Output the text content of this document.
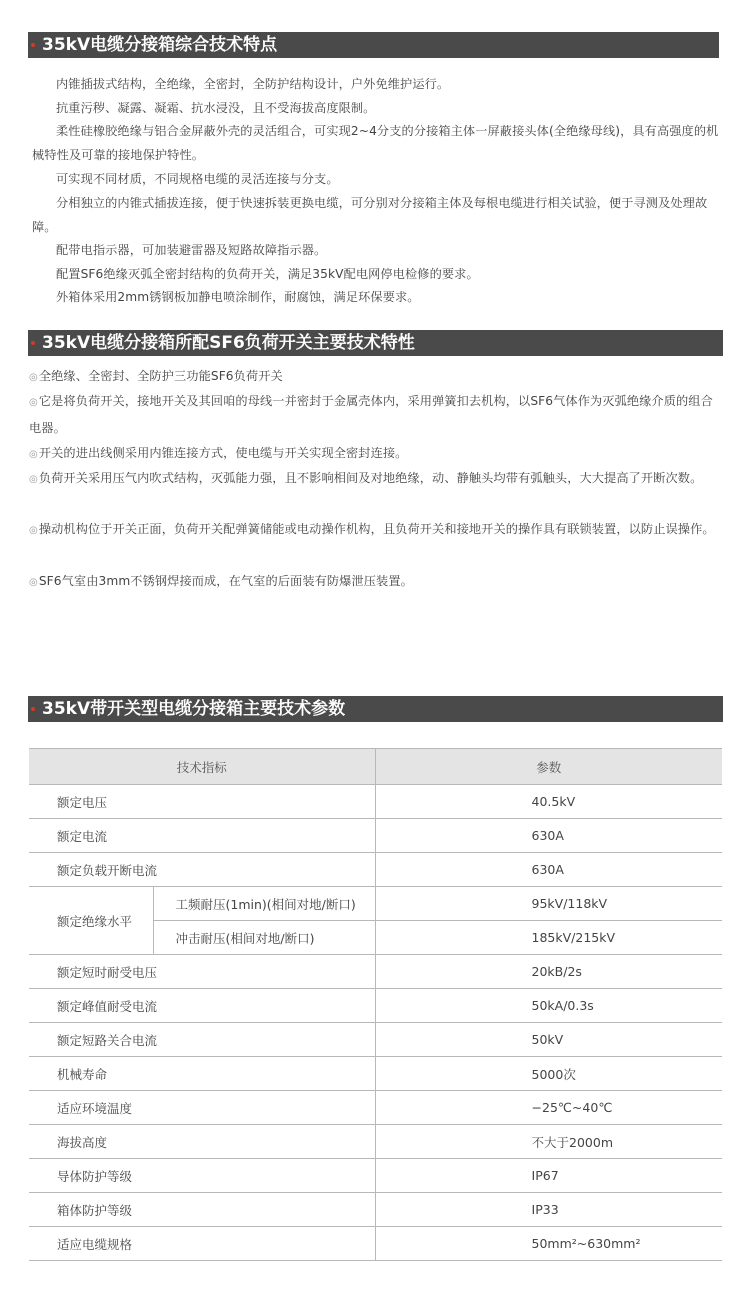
35kV电缆分接箱综合技术特点

内锥插拔式结构，全绝缘，全密封，全防护结构设计，户外免维护运行。

抗重污秽、凝露、凝霜、抗水浸没，且不受海拔高度限制。

柔性硅橡胶绝缘与铝合金屏蔽外壳的灵活组合，可实现2~4分支的分接箱主体一屏蔽接头体(全绝缘母线)，具有高强度的机械特性及可靠的接地保护特性。

可实现不同材质，不同规格电缆的灵活连接与分支。

分相独立的内锥式插拔连接，便于快速拆装更换电缆，可分别对分接箱主体及每根电缆进行相关试验，便于寻测及处理故障。

配带电指示器，可加装避雷器及短路故障指示器。

配置SF6绝缘灭弧全密封结构的负荷开关，满足35kV配电网停电检修的要求。

外箱体采用2mm锈钢板加静电喷涂制作，耐腐蚀，满足环保要求。

35kV电缆分接箱所配SF6负荷开关主要技术特性

◎全绝缘、全密封、全防护三功能SF6负荷开关

◎它是将负荷开关，接地开关及其回咱的母线一并密封于金属壳体内，采用弹簧扣去机构，以SF6气体作为灭弧绝缘介质的组合电器。

◎开关的进出线侧采用内锥连接方式，使电缆与开关实现全密封连接。

◎负荷开关采用压气内吹式结构，灭弧能力强，且不影响相间及对地绝缘，动、静触头均带有弧触头，大大提高了开断次数。

◎操动机构位于开关正面，负荷开关配弹簧储能或电动操作机构，且负荷开关和接地开关的操作具有联锁装置，以防止误操作。

◎SF6气室由3mm不锈钢焊接而成，在气室的后面装有防爆泄压装置。

35kV带开关型电缆分接箱主要技术参数
技术指标		参数
额定电压		40.5kV
额定电流		630A
额定负载开断电流		630A
额定绝缘水平	工频耐压(1min)(相间对地/断口)	95kV/118kV
	冲击耐压(相间对地/断口)	185kV/215kV
额定短时耐受电压		20kB/2s
额定峰值耐受电流		50kA/0.3s
额定短路关合电流		50kV
机械寿命		5000次
适应环境温度		−25℃~40℃
海拔高度		不大于2000m
导体防护等级		IP67
箱体防护等级		IP33
适应电缆规格		50mm²~630mm²
